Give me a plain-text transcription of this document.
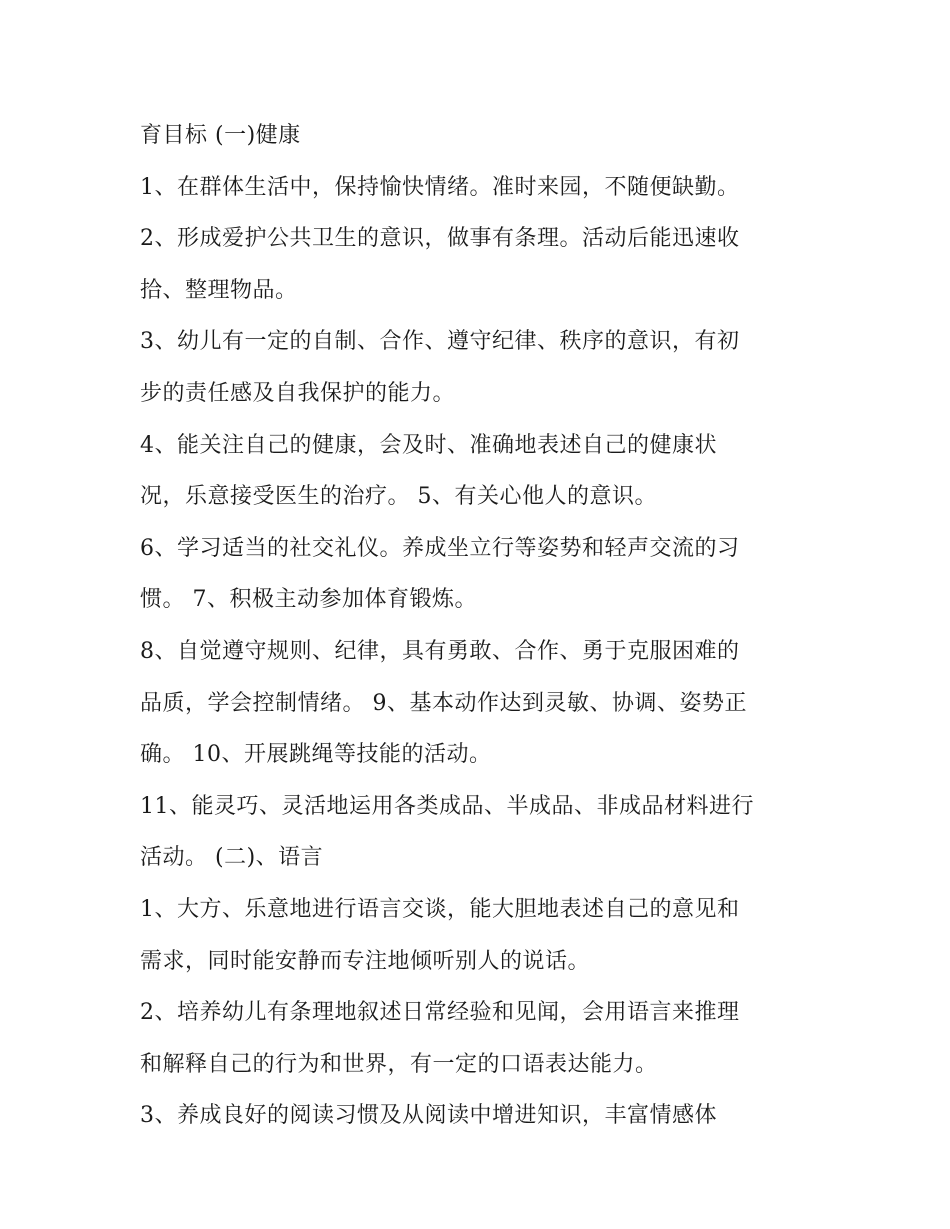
育目标 (一)健康
1、在群体生活中，保持愉快情绪。准时来园，不随便缺勤。
2、形成爱护公共卫生的意识，做事有条理。活动后能迅速收
拾、整理物品。
3、幼儿有一定的自制、合作、遵守纪律、秩序的意识，有初
步的责任感及自我保护的能力。
4、能关注自己的健康，会及时、准确地表述自己的健康状
况，乐意接受医生的治疗。 5、有关心他人的意识。
6、学习适当的社交礼仪。养成坐立行等姿势和轻声交流的习
惯。 7、积极主动参加体育锻炼。
8、自觉遵守规则、纪律，具有勇敢、合作、勇于克服困难的
品质，学会控制情绪。 9、基本动作达到灵敏、协调、姿势正
确。 10、开展跳绳等技能的活动。
11、能灵巧、灵活地运用各类成品、半成品、非成品材料进行
活动。 (二)、语言
1、大方、乐意地进行语言交谈，能大胆地表述自己的意见和
需求，同时能安静而专注地倾听别人的说话。
2、培养幼儿有条理地叙述日常经验和见闻，会用语言来推理
和解释自己的行为和世界，有一定的口语表达能力。
3、养成良好的阅读习惯及从阅读中增进知识，丰富情感体
